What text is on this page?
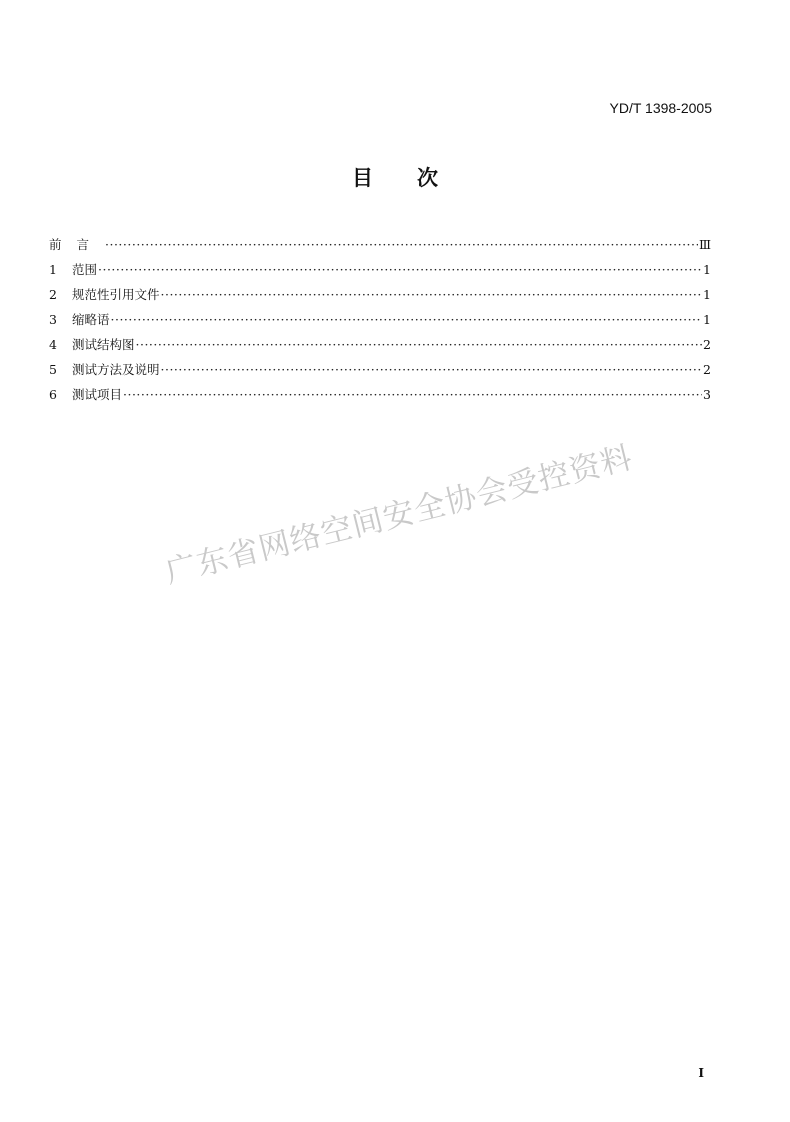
YD/T 1398-2005
目 次
前言 ·····	Ⅲ
1	范围 ·····	1
2	规范性引用文件 ·····	1
3	缩略语 ·····	1
4	测试结构图 ·····	2
5	测试方法及说明 ·····	2
6	测试项目 ·····	3
广东省网络空间安全协会受控资料
I
